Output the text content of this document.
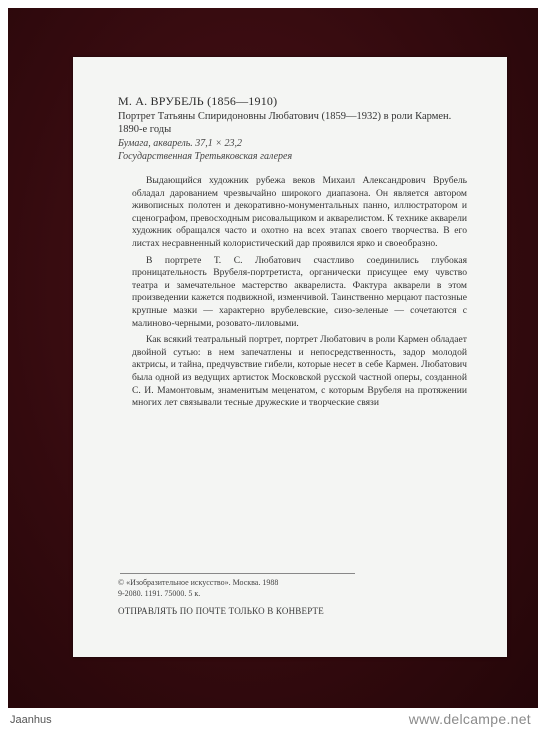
М. А. ВРУБЕЛЬ (1856—1910)
Портрет Татьяны Спиридоновны Любатович (1859—1932) в роли Кармен. 1890-е годы
Бумага, акварель. 37,1 × 23,2
Государственная Третьяковская галерея

Выдающийся художник рубежа веков Михаил Александрович Врубель обладал дарованием чрезвычайно широкого диапазона. Он является автором живописных полотен и декоративно-монументальных панно, иллюстратором и сценографом, превосходным рисовальщиком и акварелистом. К технике акварели художник обращался часто и охотно на всех этапах своего творчества. В его листах несравненный колористический дар проявился ярко и своеобразно.

В портрете Т. С. Любатович счастливо соединились глубокая проницательность Врубеля-портретиста, органически присущее ему чувство театра и замечательное мастерство акварелиста. Фактура акварели в этом произведении кажется подвижной, изменчивой. Таинственно мерцают пастозные крупные мазки — характерно врубелевские, сизо-зеленые — сочетаются с малиново-черными, розовато-лиловыми.

Как всякий театральный портрет, портрет Любатович в роли Кармен обладает двойной сутью: в нем запечатлены и непосредственность, задор молодой актрисы, и тайна, предчувствие гибели, которые несет в себе Кармен. Любатович была одной из ведущих артисток Московской русской частной оперы, созданной С. И. Мамонтовым, знаменитым меценатом, с которым Врубеля на протяжении многих лет связывали тесные дружеские и творческие связи

© «Изобразительное искусство». Москва. 1988
9-2080. 1191. 75000. 5 к.
ОТПРАВЛЯТЬ ПО ПОЧТЕ ТОЛЬКО В КОНВЕРТЕ
Jaanhus	www.delcampe.net
